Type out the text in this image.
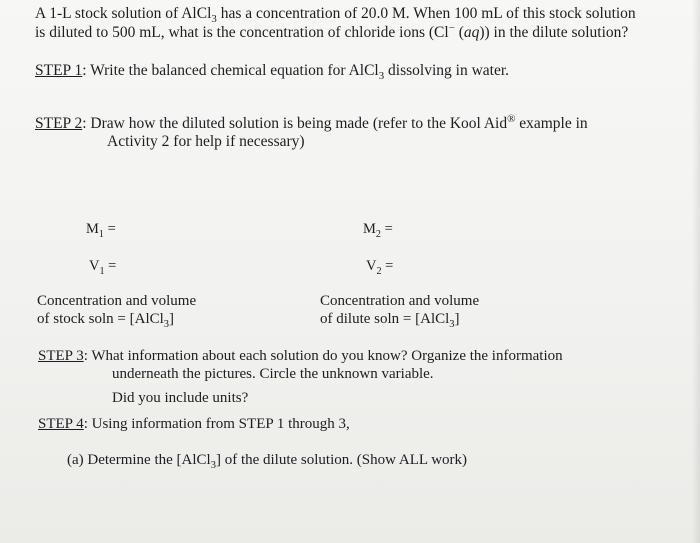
A 1-L stock solution of AlCl$_3$ has a concentration of 20.0 M. When 100 mL of this stock solution
is diluted to 500 mL, what is the concentration of chloride ions (Cl− (aq)) in the dilute solution?
STEP 1: Write the balanced chemical equation for AlCl$_3$ dissolving in water.
STEP 2: Draw how the diluted solution is being made (refer to the Kool Aid® example in
Activity 2 for help if necessary)
$M_1$ =	$M_2$ =
$V_1$ =	$V_2$ =
Concentration and volume
of stock soln = [AlCl$_3$]
Concentration and volume
of dilute soln = [AlCl$_3$]
STEP 3: What information about each solution do you know? Organize the information
underneath the pictures. Circle the unknown variable.
Did you include units?
STEP 4: Using information from STEP 1 through 3,
(a) Determine the [AlCl$_3$] of the dilute solution. (Show ALL work)
